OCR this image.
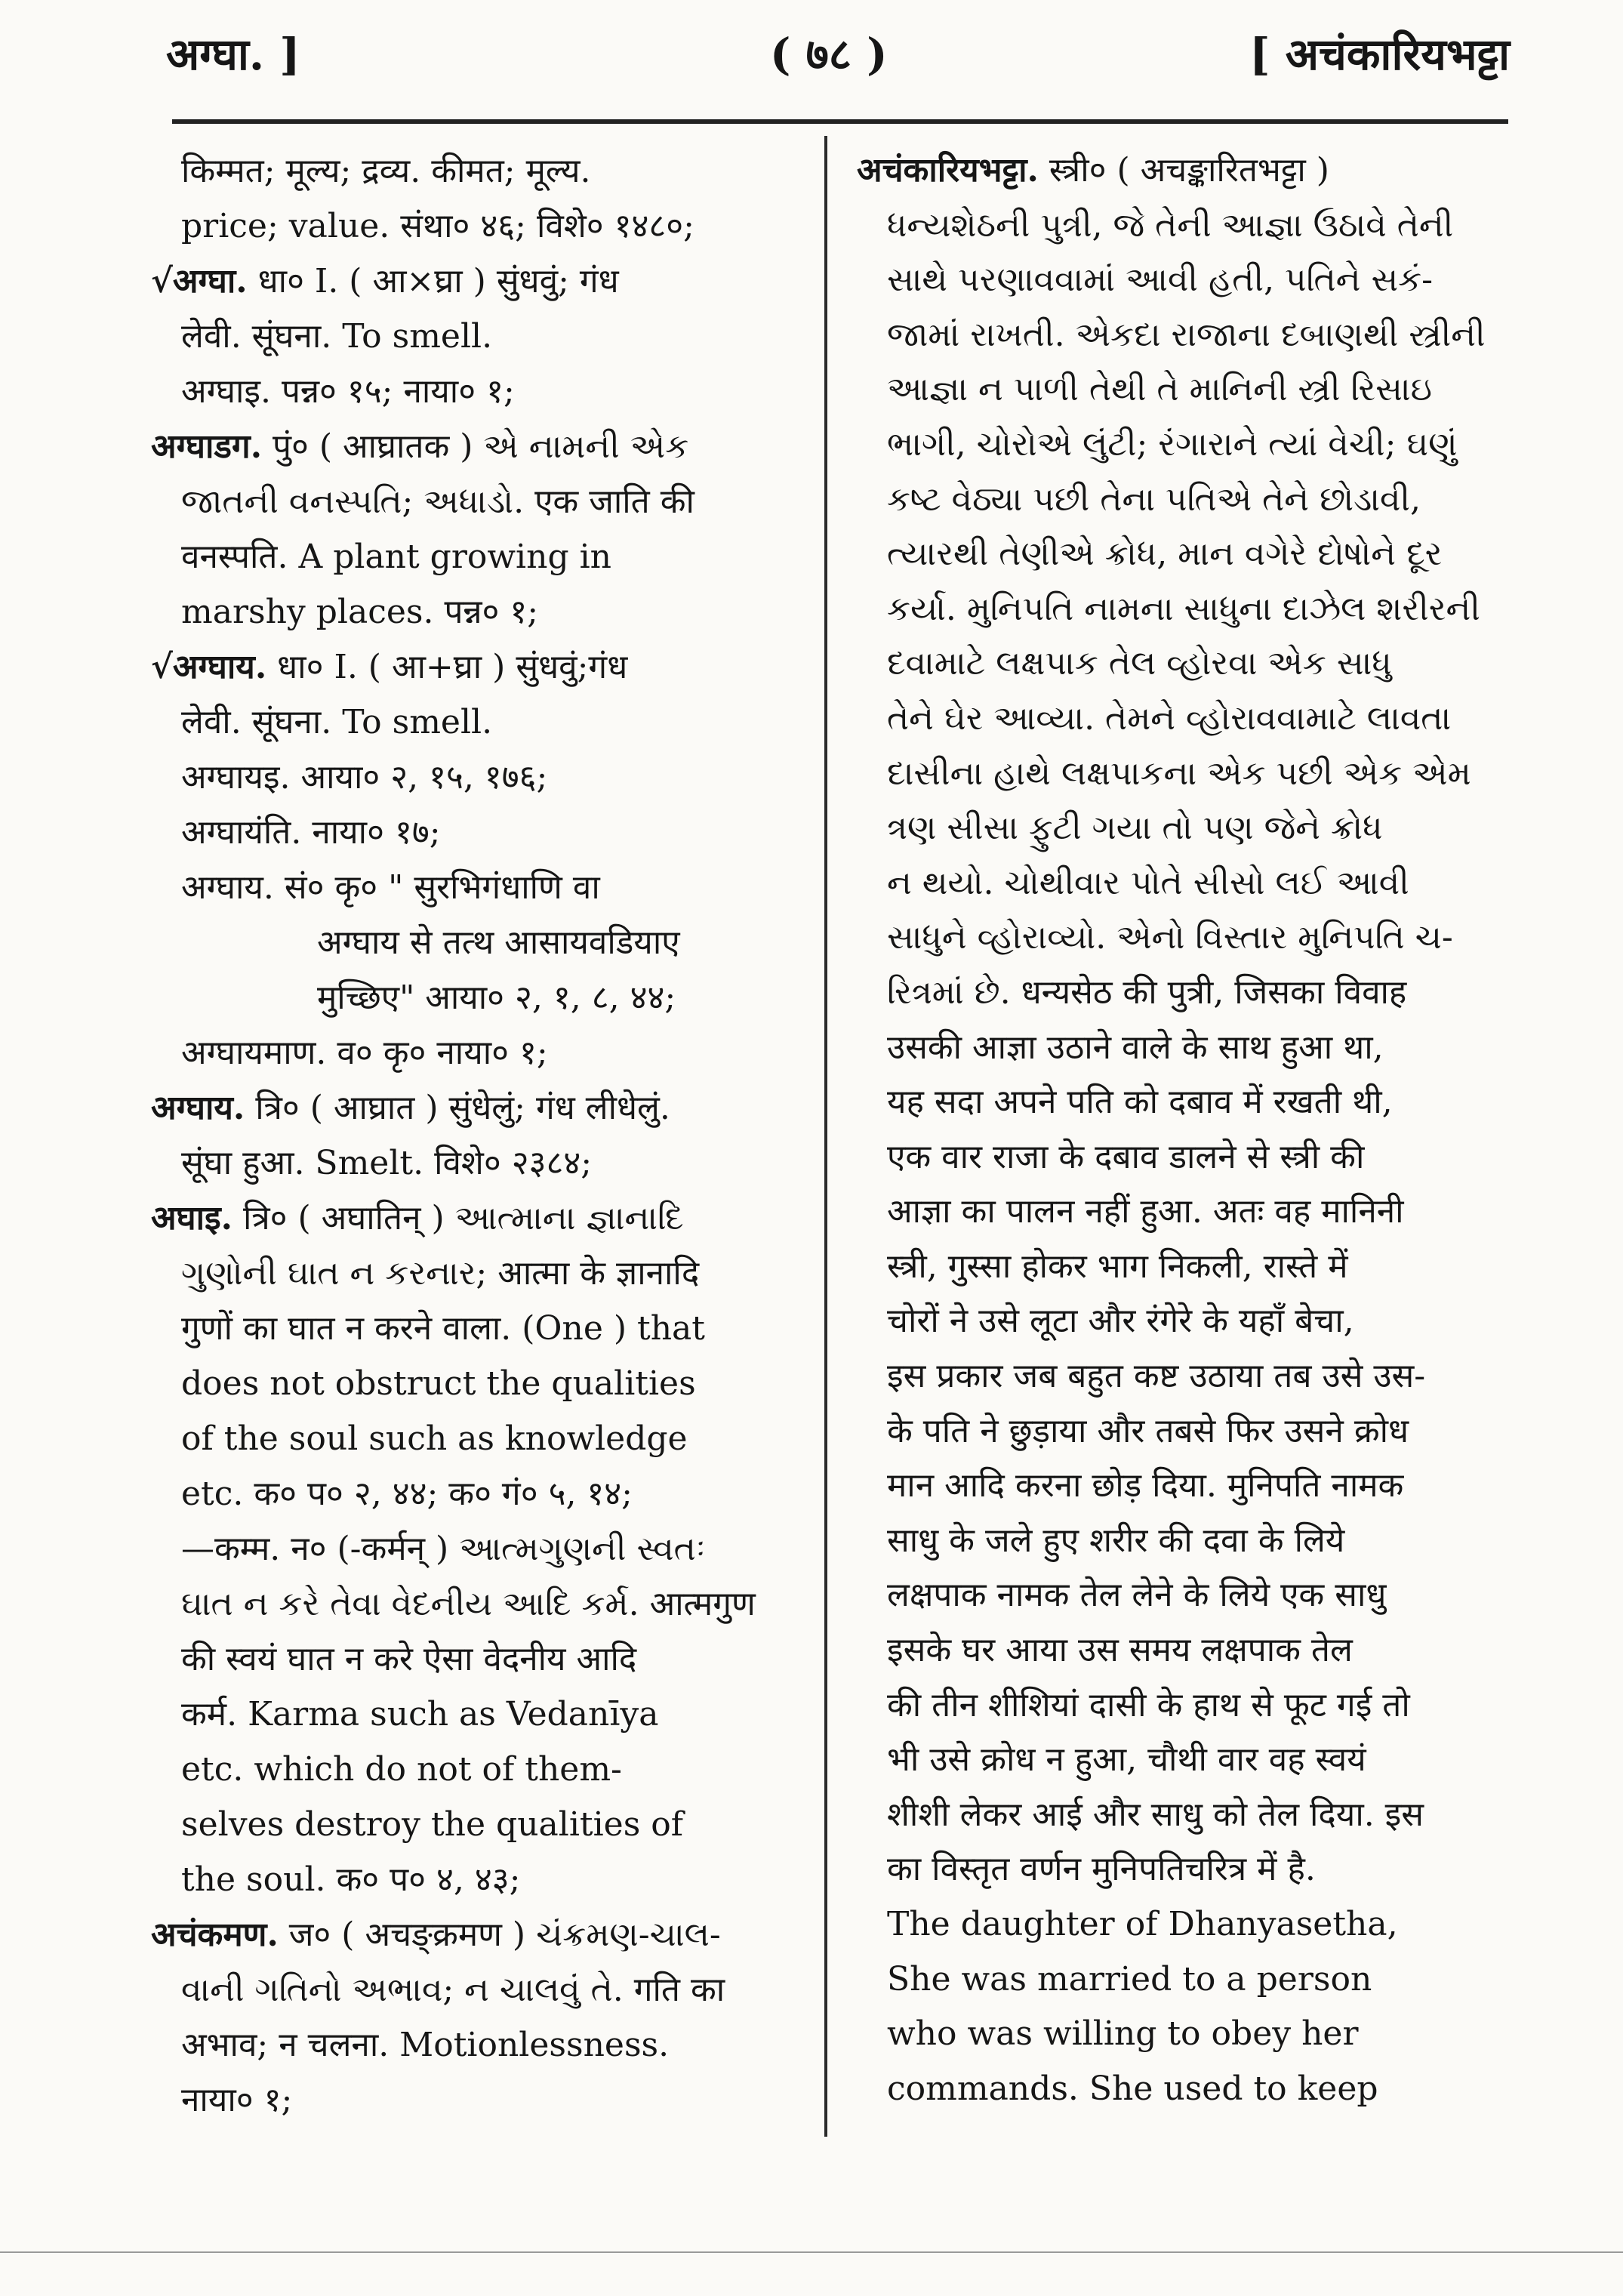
अग्घा. ]	( ७८ )	[ अचंकारियभट्टा
किम्मत; मूल्य; द्रव्य. कीमत; मूल्य.
price; value. संथा० ४६; विशे० १४८०;
√अग्घा. धा० I. ( आ×घ्रा ) सुंधवुं; गंध
लेवी. सूंघना. To smell.
अग्घाइ. पन्न० १५; नाया० १;
अग्घाडग. पुं० ( आघ्रातक ) એ નામની એક
જાતની વનસ્પતિ; અધાડો. एक जाति की
वनस्पति. A plant growing in
marshy places. पन्न० १;
√अग्घाय. धा० I. ( आ+घ्रा ) सुंधवुं;गंध
लेवी. सूंघना. To smell.
अग्घायइ. आया० २, १५, १७६;
अग्घायंति. नाया० १७;
अग्घाय. सं० कृ० " सुरभिगंधाणि वा
अग्घाय से तत्थ आसायवडियाए
मुच्छिए" आया० २, १, ८, ४४;
अग्घायमाण. व० कृ० नाया० १;
अग्घाय. त्रि० ( आघ्रात ) सुंधेलुं; गंध लीधेलुं.
सूंघा हुआ. Smelt. विशे० २३८४;
अघाइ. त्रि० ( अघातिन् ) આત્માના જ્ઞાનાદિ
ગુણોની ઘાત ન કરનાર; आत्मा के ज्ञानादि
गुणों का घात न करने वाला. (One ) that
does not obstruct the qualities
of the soul such as knowledge
etc. क० प० २, ४४; क० गं० ५, १४;
—कम्म. न० (-कर्मन् ) આત્મગુણની સ્વતઃ
ઘાત ન કરે તેવા વેદનીય આદિ કર્મ. आत्मगुण
की स्वयं घात न करे ऐसा वेदनीय आदि
कर्म. Karma such as Vedanīya
etc. which do not of them-
selves destroy the qualities of
the soul. क० प० ४, ४३;
अचंकमण. ज० ( अचङ्क्रमण ) ચંક્રમણ-ચાલ-
વાની ગતિનો અભાવ; ન ચાલવું તે. गति का
अभाव; न चलना. Motionlessness.
नाया० १;
अचंकारियभट्टा. स्त्री० ( अचङ्कारितभट्टा )
ધન્યશેઠની પુત્રી, જે તેની આજ્ઞા ઉઠાવે તેની
સાથે પરણાવવામાં આવી હતી, પતિને સકં-
જામાં રાખતી. એકદા રાજાના દબાણથી સ્ત્રીની
આજ્ઞા ન પાળી તેથી તે માનિની સ્ત્રી રિસાઇ
ભાગી, ચોરોએ લુંટી; રંગારાને ત્યાં વેચી; ઘણું
કષ્ટ વેઠ્યા પછી તેના પતિએ તેને છોડાવી,
ત્યારથી તેણીએ ક્રોધ, માન વગેરે દોષોને દૂર
કર્યા. મુનિપતિ નામના સાધુના દાઝેલ શરીરની
દવામાટે લક્ષપાક તેલ વ્હોરવા એક સાધુ
તેને ઘેર આવ્યા. તેમને વ્હોરાવવામાટે લાવતા
દાસીના હાથે લક્ષપાકના એક પછી એક એમ
ત્રણ સીસા ફુટી ગયા તો પણ જેને ક્રોધ
ન થયો. ચોથીવાર પોતે સીસો લઈ આવી
સાધુને વ્હોરાવ્યો. એનો વિસ્તાર મુનિપતિ ચ-
રિત્રમાં છે. धन्यसेठ की पुत्री, जिसका विवाह
उसकी आज्ञा उठाने वाले के साथ हुआ था,
यह सदा अपने पति को दबाव में रखती थी,
एक वार राजा के दबाव डालने से स्त्री की
आज्ञा का पालन नहीं हुआ. अतः वह मानिनी
स्त्री, गुस्सा होकर भाग निकली, रास्ते में
चोरों ने उसे लूटा और रंगेरे के यहाँ बेचा,
इस प्रकार जब बहुत कष्ट उठाया तब उसे उस-
के पति ने छुड़ाया और तबसे फिर उसने क्रोध
मान आदि करना छोड़ दिया. मुनिपति नामक
साधु के जले हुए शरीर की दवा के लिये
लक्षपाक नामक तेल लेने के लिये एक साधु
इसके घर आया उस समय लक्षपाक तेल
की तीन शीशियां दासी के हाथ से फूट गई तो
भी उसे क्रोध न हुआ, चौथी वार वह स्वयं
शीशी लेकर आई और साधु को तेल दिया. इस
का विस्तृत वर्णन मुनिपतिचरित्र में है.
The daughter of Dhanyasetha,
She was married to a person
who was willing to obey her
commands. She used to keep
